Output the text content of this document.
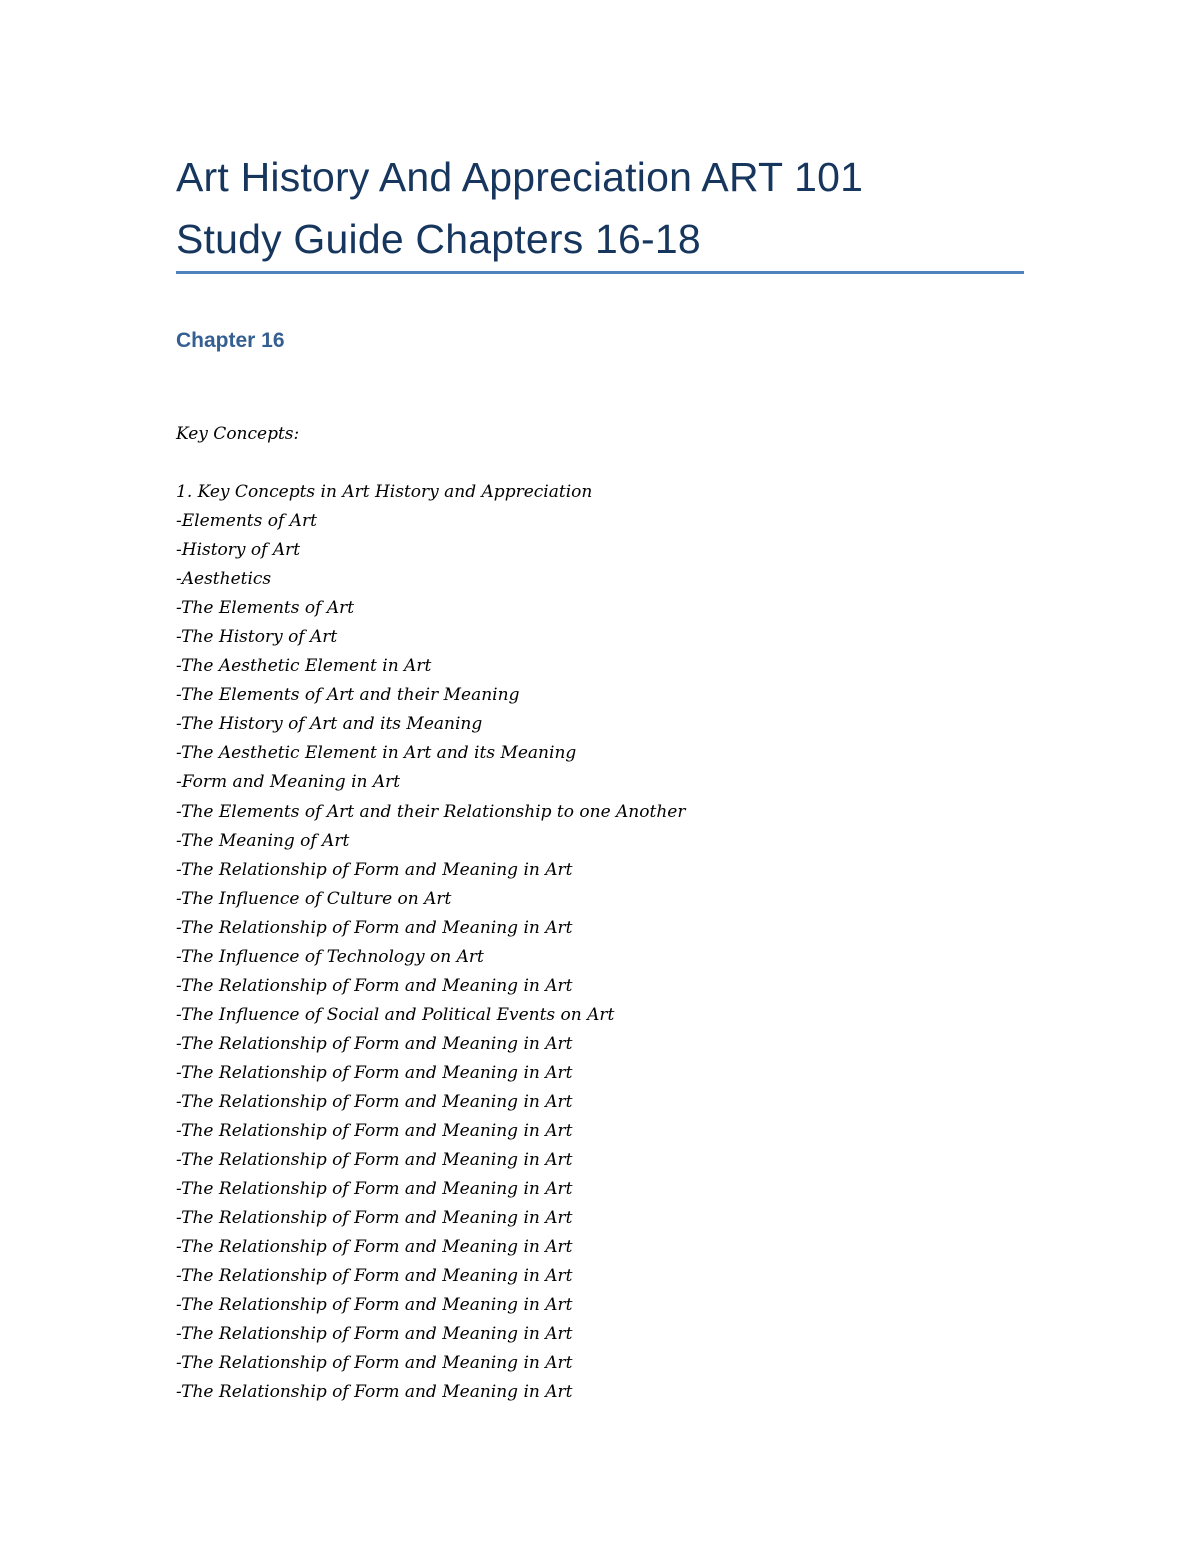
Art History And Appreciation ART 101
Study Guide Chapters 16-18
Chapter 16
Key Concepts:
1. Key Concepts in Art History and Appreciation
-Elements of Art
-History of Art
-Aesthetics
-The Elements of Art
-The History of Art
-The Aesthetic Element in Art
-The Elements of Art and their Meaning
-The History of Art and its Meaning
-The Aesthetic Element in Art and its Meaning
-Form and Meaning in Art
-The Elements of Art and their Relationship to one Another
-The Meaning of Art
-The Relationship of Form and Meaning in Art
-The Influence of Culture on Art
-The Relationship of Form and Meaning in Art
-The Influence of Technology on Art
-The Relationship of Form and Meaning in Art
-The Influence of Social and Political Events on Art
-The Relationship of Form and Meaning in Art
-The Relationship of Form and Meaning in Art
-The Relationship of Form and Meaning in Art
-The Relationship of Form and Meaning in Art
-The Relationship of Form and Meaning in Art
-The Relationship of Form and Meaning in Art
-The Relationship of Form and Meaning in Art
-The Relationship of Form and Meaning in Art
-The Relationship of Form and Meaning in Art
-The Relationship of Form and Meaning in Art
-The Relationship of Form and Meaning in Art
-The Relationship of Form and Meaning in Art
-The Relationship of Form and Meaning in Art
